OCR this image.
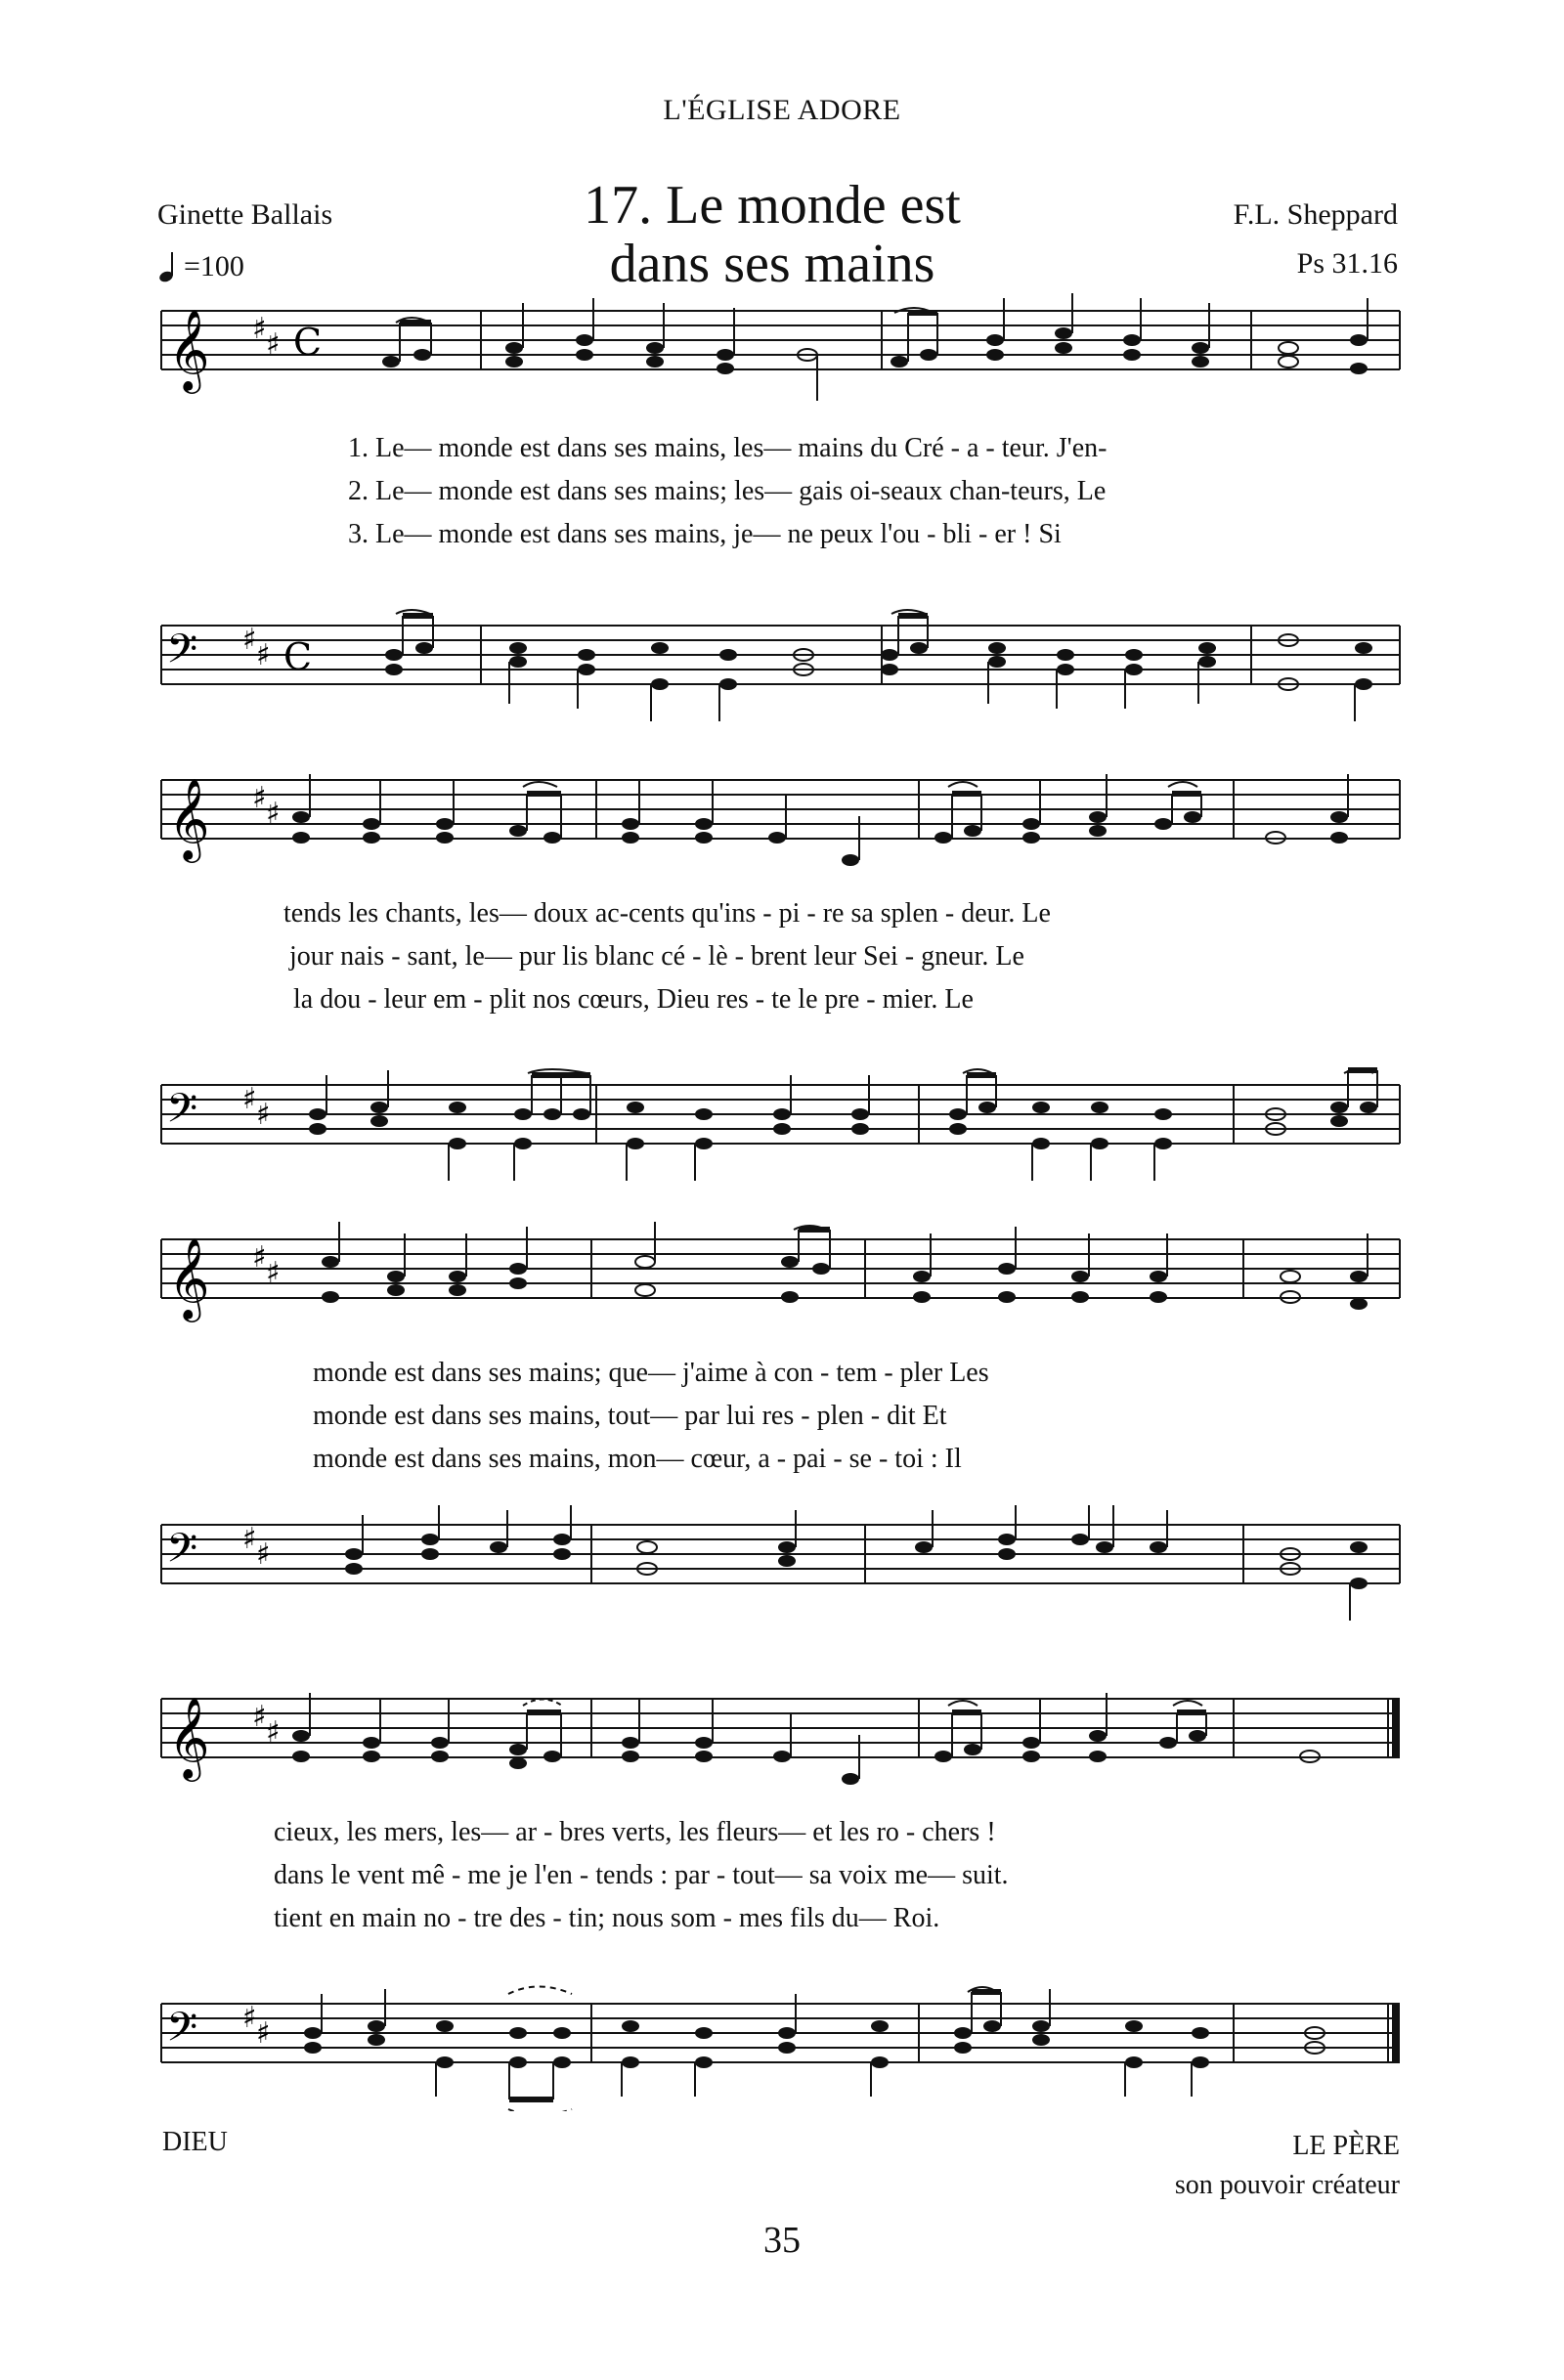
L'ÉGLISE ADORE
Ginette Ballais
=100
17. Le monde est
dans ses mains
F.L. Sheppard
Ps 31.16
𝄞 ♯ ♯ C
1. Le— monde est dans ses mains, les— mains du Cré - a - teur. J'en-
2. Le— monde est dans ses mains; les— gais oi-seaux chan-teurs, Le
3. Le— monde est dans ses mains, je— ne peux l'ou - bli - er ! Si
𝄢 ♯ ♯ C
𝄞 ♯ ♯
tends les chants, les— doux ac-cents qu'ins - pi - re sa splen - deur. Le
jour nais - sant, le— pur lis blanc cé - lè - brent leur Sei - gneur. Le
la dou - leur em - plit nos cœurs, Dieu res - te le pre - mier. Le
𝄢 ♯ ♯
𝄞 ♯ ♯
monde est dans ses mains; que— j'aime à con - tem - pler Les
monde est dans ses mains, tout— par lui res - plen - dit Et
monde est dans ses mains, mon— cœur, a - pai - se - toi : Il
𝄢 ♯ ♯
𝄞 ♯ ♯
cieux, les mers, les— ar - bres verts, les fleurs— et les ro - chers !
dans le vent mê - me je l'en - tends : par - tout— sa voix me— suit.
tient en main no - tre des - tin; nous som - mes fils du— Roi.
𝄢 ♯ ♯
DIEU	LE PÈRE
son pouvoir créateur
35
